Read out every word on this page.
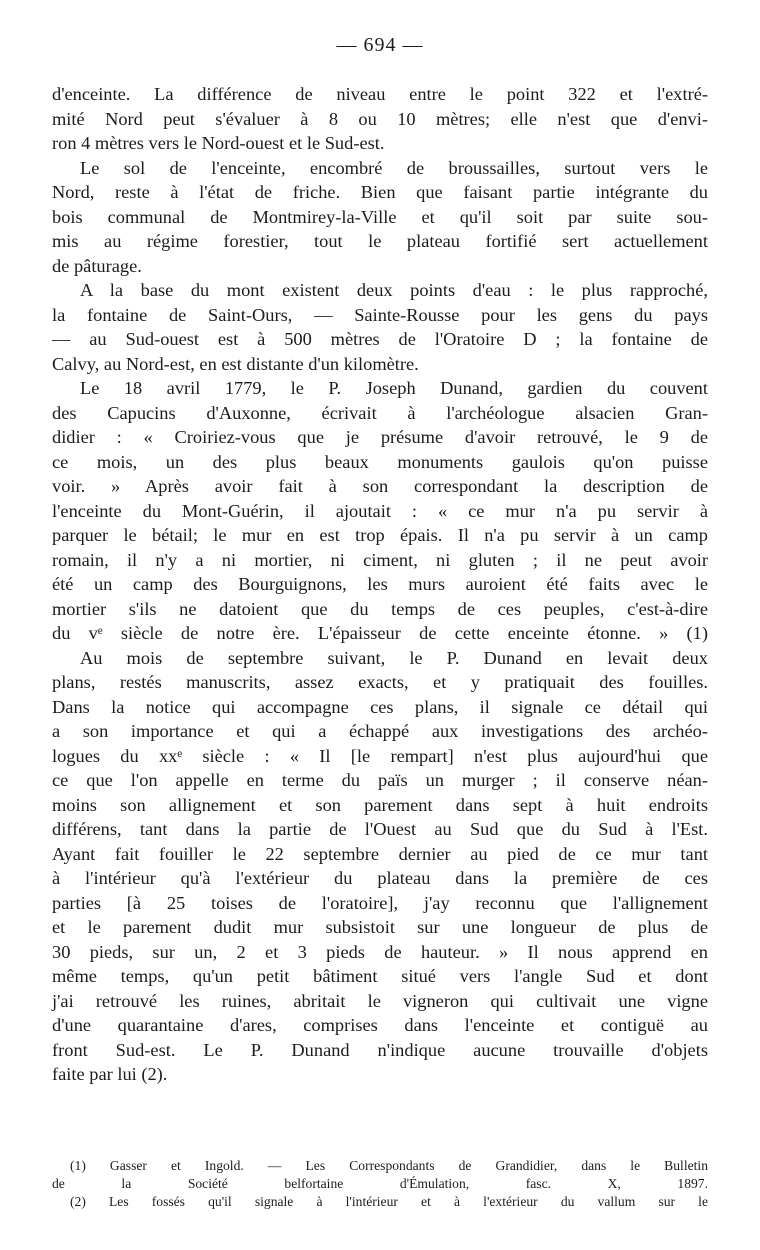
— 694 —

d'enceinte. La différence de niveau entre le point 322 et l'extré-
mité Nord peut s'évaluer à 8 ou 10 mètres; elle n'est que d'envi-
ron 4 mètres vers le Nord-ouest et le Sud-est.

Le sol de l'enceinte, encombré de broussailles, surtout vers le
Nord, reste à l'état de friche. Bien que faisant partie intégrante du
bois communal de Montmirey-la-Ville et qu'il soit par suite sou-
mis au régime forestier, tout le plateau fortifié sert actuellement
de pâturage.

A la base du mont existent deux points d'eau : le plus rapproché,
la fontaine de Saint-Ours, — Sainte-Rousse pour les gens du pays
— au Sud-ouest est à 500 mètres de l'Oratoire D ; la fontaine de
Calvy, au Nord-est, en est distante d'un kilomètre.

Le 18 avril 1779, le P. Joseph Dunand, gardien du couvent
des Capucins d'Auxonne, écrivait à l'archéologue alsacien Gran-
didier : « Croiriez-vous que je présume d'avoir retrouvé, le 9 de
ce mois, un des plus beaux monuments gaulois qu'on puisse
voir. » Après avoir fait à son correspondant la description de
l'enceinte du Mont-Guérin, il ajoutait : « ce mur n'a pu servir à
parquer le bétail; le mur en est trop épais. Il n'a pu servir à un camp
romain, il n'y a ni mortier, ni ciment, ni gluten ; il ne peut avoir
été un camp des Bourguignons, les murs auroient été faits avec le
mortier s'ils ne datoient que du temps de ces peuples, c'est-à-dire
du vᵉ siècle de notre ère. L'épaisseur de cette enceinte étonne. » (1)

Au mois de septembre suivant, le P. Dunand en levait deux
plans, restés manuscrits, assez exacts, et y pratiquait des fouilles.
Dans la notice qui accompagne ces plans, il signale ce détail qui
a son importance et qui a échappé aux investigations des archéo-
logues du xxᵉ siècle : « Il [le rempart] n'est plus aujourd'hui que
ce que l'on appelle en terme du païs un murger ; il conserve néan-
moins son allignement et son parement dans sept à huit endroits
différens, tant dans la partie de l'Ouest au Sud que du Sud à l'Est.
Ayant fait fouiller le 22 septembre dernier au pied de ce mur tant
à l'intérieur qu'à l'extérieur du plateau dans la première de ces
parties [à 25 toises de l'oratoire], j'ay reconnu que l'allignement
et le parement dudit mur subsistoit sur une longueur de plus de
30 pieds, sur un, 2 et 3 pieds de hauteur. » Il nous apprend en
même temps, qu'un petit bâtiment situé vers l'angle Sud et dont
j'ai retrouvé les ruines, abritait le vigneron qui cultivait une vigne
d'une quarantaine d'ares, comprises dans l'enceinte et contiguë au
front Sud-est. Le P. Dunand n'indique aucune trouvaille d'objets
faite par lui (2).

(1) Gasser et Ingold. — Les Correspondants de Grandidier, dans le Bulletin
de la Société belfortaine d'Émulation, fasc. X, 1897.

(2) Les fossés qu'il signale à l'intérieur et à l'extérieur du vallum sur le
